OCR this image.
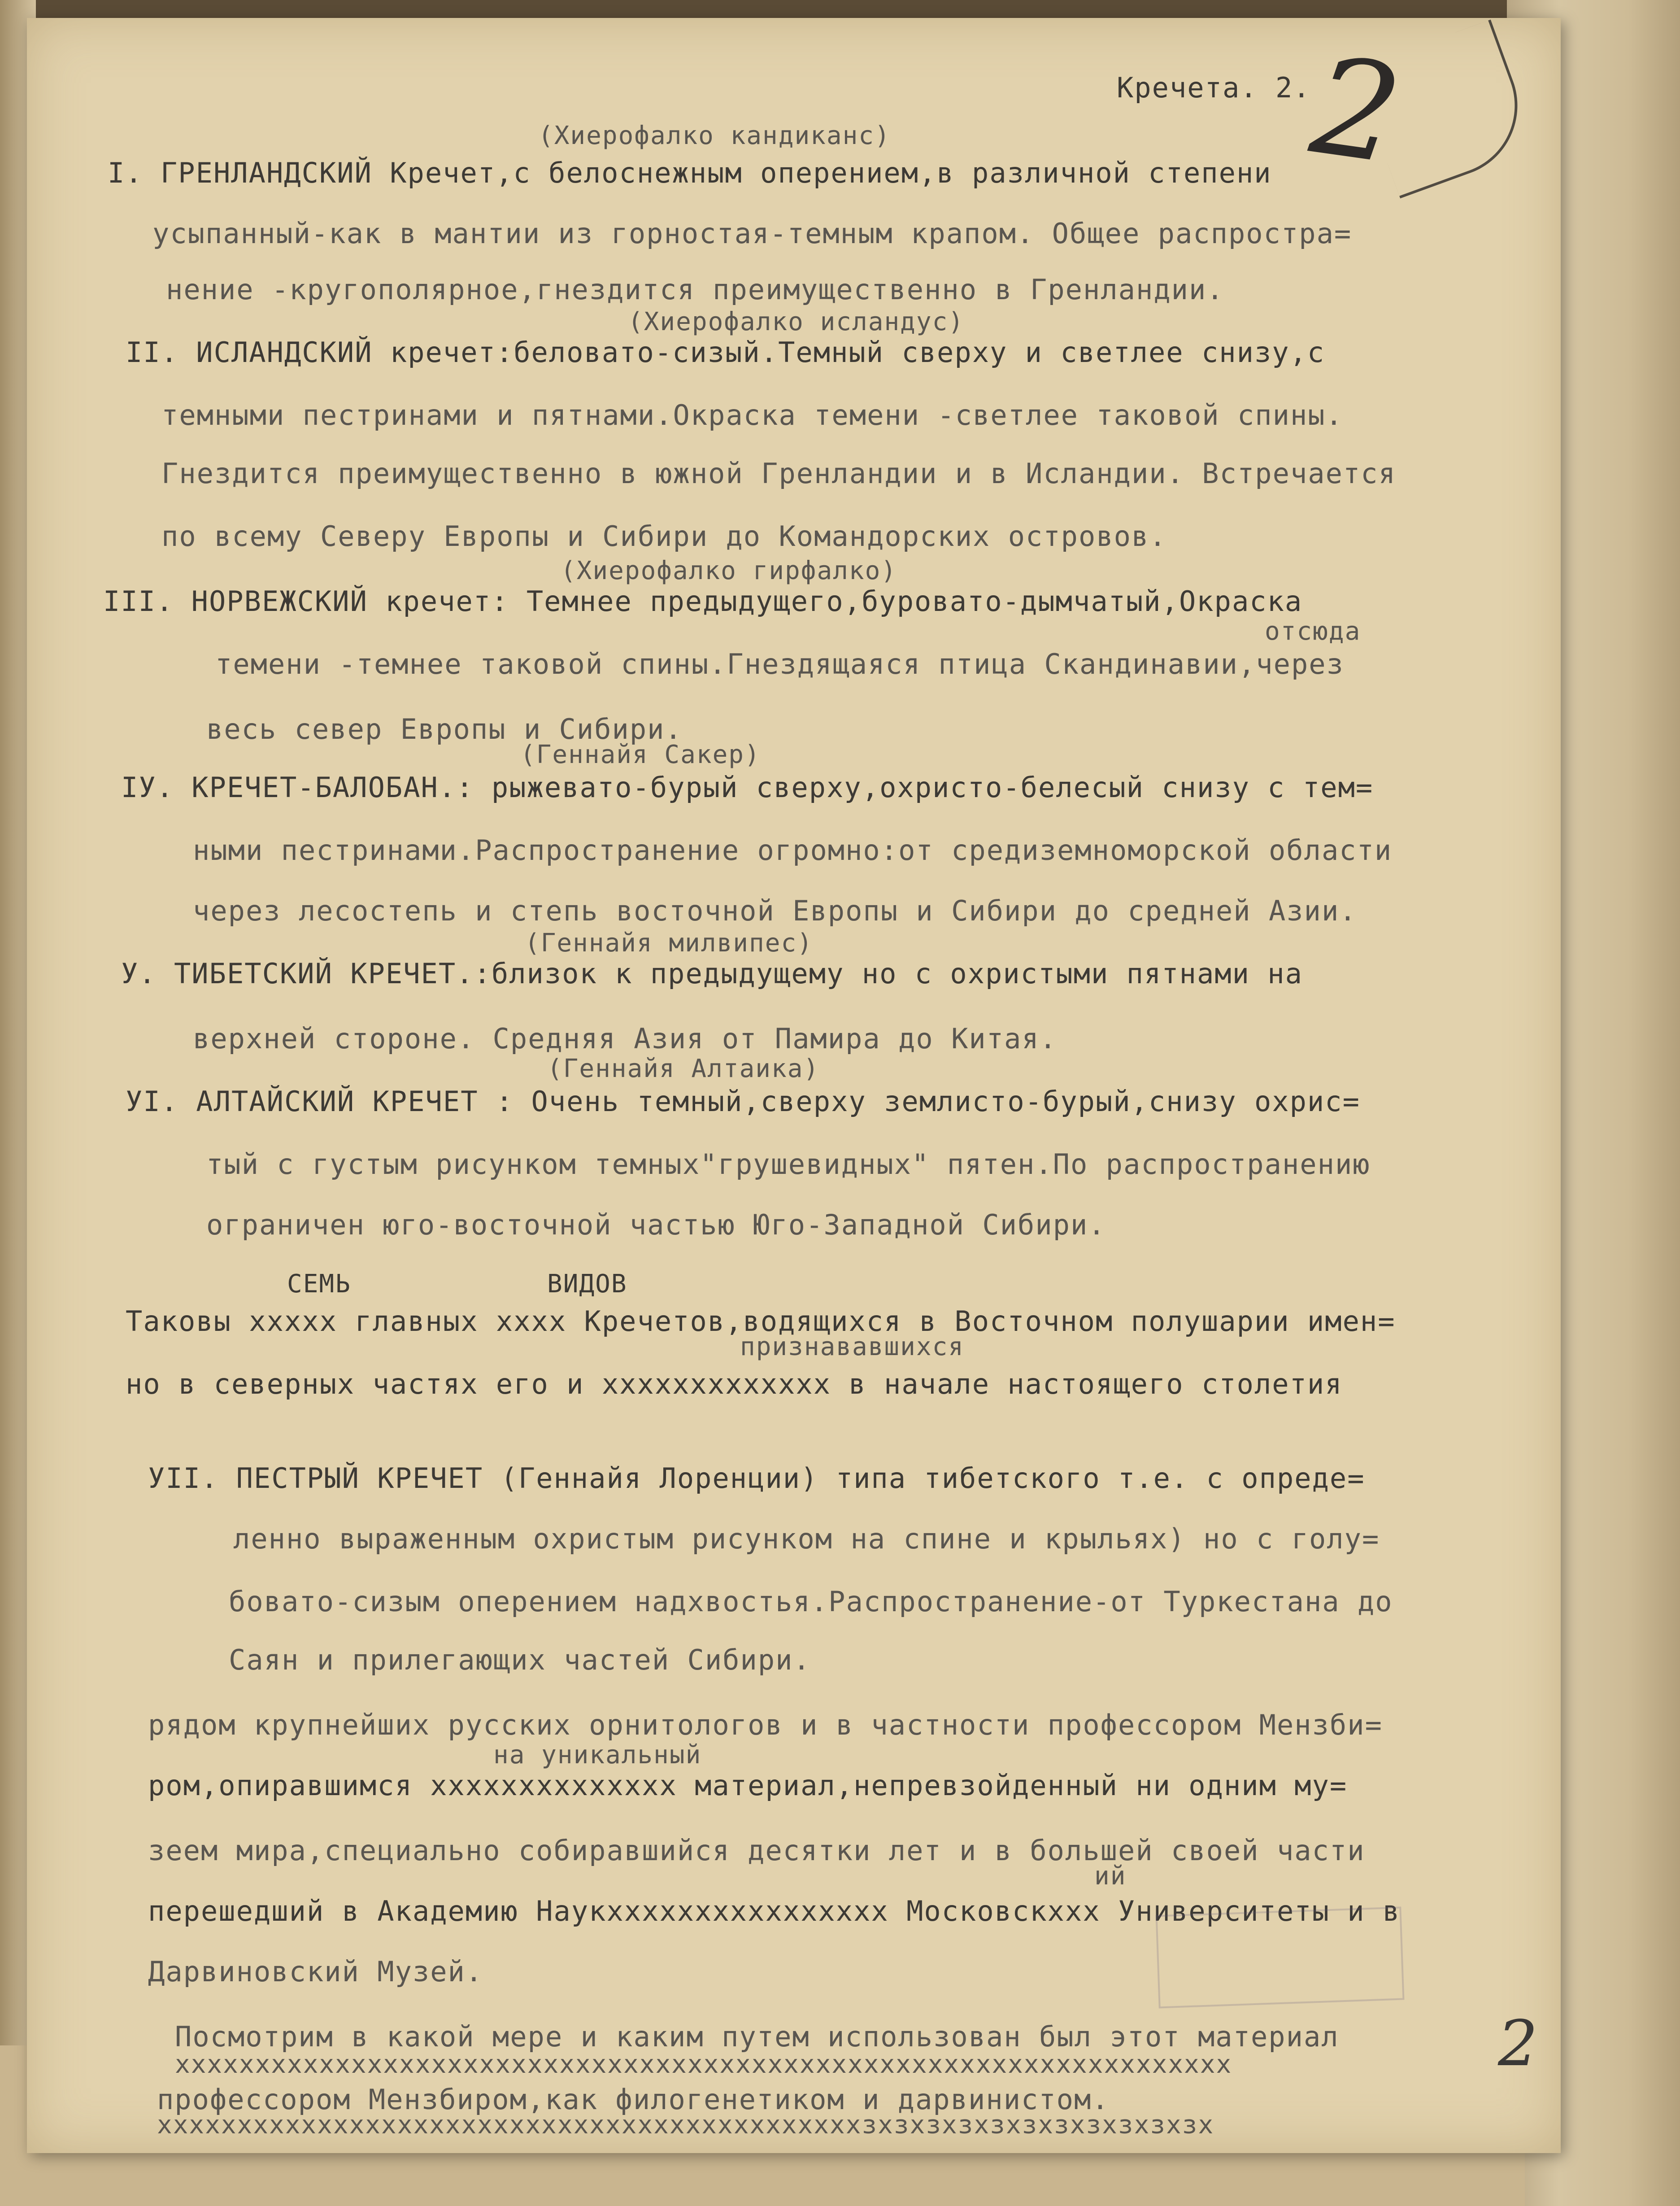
Кречета. 2.
2
(Хиерофалко кандиканс)
I. ГРЕНЛАНДСКИЙ Кречет,с белоснежным оперением,в различной степени
усыпанный-как в мантии из горностая-темным крапом. Общее распростра=
нение -кругополярное,гнездится преимущественно в Гренландии.
(Хиерофалко исландус)
II. ИСЛАНДСКИЙ кречет:беловато-сизый.Темный сверху и светлее снизу,с
темными пестринами и пятнами.Окраска темени -светлее таковой спины.
Гнездится преимущественно в южной Гренландии и в Исландии. Встречается
по всему Северу Европы и Сибири до Командорских островов.
(Хиерофалко гирфалко)
III. НОРВЕЖСКИЙ кречет: Темнее предыдущего,буровато-дымчатый,Окраска
отсюда
темени -темнее таковой спины.Гнездящаяся птица Скандинавии,через
весь север Европы и Сибири.
(Геннайя Сакер)
IУ. КРЕЧЕТ-БАЛОБАН.: рыжевато-бурый сверху,охристо-белесый снизу с тем=
ными пестринами.Распространение огромно:от средиземноморской области
через лесостепь и степь восточной Европы и Сибири до средней Азии.
(Геннайя милвипес)
У. ТИБЕТСКИЙ КРЕЧЕТ.:близок к предыдущему но с охристыми пятнами на
верхней стороне. Средняя Азия от Памира до Китая.
(Геннайя Алтаика)
УI. АЛТАЙСКИЙ КРЕЧЕТ : Очень темный,сверху землисто-бурый,снизу охрис=
тый с густым рисунком темных"грушевидных" пятен.По распространению
ограничен юго-восточной частью Юго-Западной Сибири.
СЕМЬ	ВИДОВ
Таковы xxxxx главных xxxx Кречетов,водящихся в Восточном полушарии имен=
признававшихся
но в северных частях его и xxxxxxxxxxxxx в начале настоящего столетия
УII. ПЕСТРЫЙ КРЕЧЕТ (Геннайя Лоренции) типа тибетского т.е. с опреде=
ленно выраженным охристым рисунком на спине и крыльях) но с голу=
бовато-сизым оперением надхвостья.Распространение-от Туркестана до
Саян и прилегающих частей Сибири.
рядом крупнейших русских орнитологов и в частности профессором Мензби=
на уникальный
ром,опиравшимся xxxxxxxxxxxxxx материал,непревзойденный ни одним му=
зеем мира,специально собиравшийся десятки лет и в большей своей части
ий
перешедший в Академию Наукxxxxxxxxxxxxxxxx Московскxxx Университеты и в
Дарвиновский Музей.
Посмотрим в какой мере и каким путем использован был этот материал
xxxxxxxxxxxxxxxxxxxxxxxxxxxxxxxxxxxxxxxxxxxxxxxxxxxxxxxxxxxxxxxxxx
профессором Мензбиром,как филогенетиком и дарвинистом.
xxxxxxxxxxxxxxxxxxxxxxxxxxxxxxxxxxxxxxxxxxxxзхзхзхзхзхзхзхзхзхзхзх
2
